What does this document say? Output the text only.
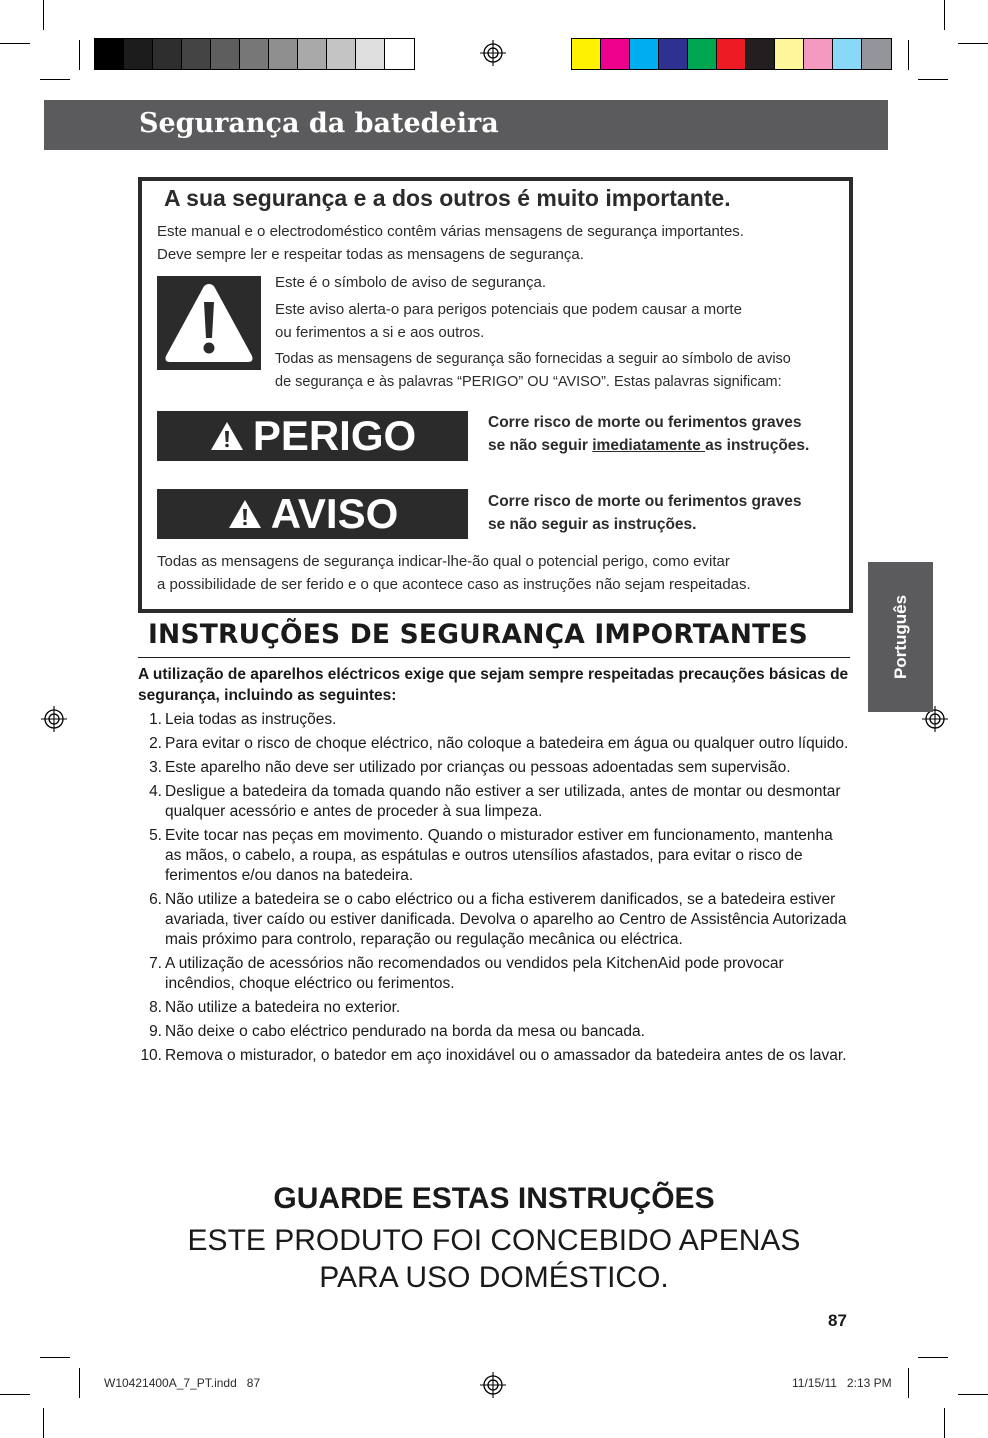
Segurança da batedeira
A sua segurança e a dos outros é muito importante.
Este manual e o electrodoméstico contêm várias mensagens de segurança importantes.
Deve sempre ler e respeitar todas as mensagens de segurança.
Este é o símbolo de aviso de segurança.
Este aviso alerta-o para perigos potenciais que podem causar a morte
ou ferimentos a si e aos outros.
Todas as mensagens de segurança são fornecidas a seguir ao símbolo de aviso
de segurança e às palavras “PERIGO” OU “AVISO”. Estas palavras significam:
PERIGO	Corre risco de morte ou ferimentos graves
se não seguir imediatamente as instruções.
AVISO	Corre risco de morte ou ferimentos graves
se não seguir as instruções.
Todas as mensagens de segurança indicar-lhe-ão qual o potencial perigo, como evitar
a possibilidade de ser ferido e o que acontece caso as instruções não sejam respeitadas.
Português
INSTRUÇÕES DE SEGURANÇA IMPORTANTES
A utilização de aparelhos eléctricos exige que sejam sempre respeitadas precauções básicas de segurança, incluindo as seguintes:
1. Leia todas as instruções.
2. Para evitar o risco de choque eléctrico, não coloque a batedeira em água ou qualquer outro líquido.
3. Este aparelho não deve ser utilizado por crianças ou pessoas adoentadas sem supervisão.
4. Desligue a batedeira da tomada quando não estiver a ser utilizada, antes de montar ou desmontar qualquer acessório e antes de proceder à sua limpeza.
5. Evite tocar nas peças em movimento. Quando o misturador estiver em funcionamento, mantenha as mãos, o cabelo, a roupa, as espátulas e outros utensílios afastados, para evitar o risco de ferimentos e/ou danos na batedeira.
6. Não utilize a batedeira se o cabo eléctrico ou a ficha estiverem danificados, se a batedeira estiver avariada, tiver caído ou estiver danificada. Devolva o aparelho ao Centro de Assistência Autorizada mais próximo para controlo, reparação ou regulação mecânica ou eléctrica.
7. A utilização de acessórios não recomendados ou vendidos pela KitchenAid pode provocar incêndios, choque eléctrico ou ferimentos.
8. Não utilize a batedeira no exterior.
9. Não deixe o cabo eléctrico pendurado na borda da mesa ou bancada.
10. Remova o misturador, o batedor em aço inoxidável ou o amassador da batedeira antes de os lavar.
GUARDE ESTAS INSTRUÇÕES
ESTE PRODUTO FOI CONCEBIDO APENAS
PARA USO DOMÉSTICO.
87
W10421400A_7_PT.indd   87	11/15/11   2:13 PM
